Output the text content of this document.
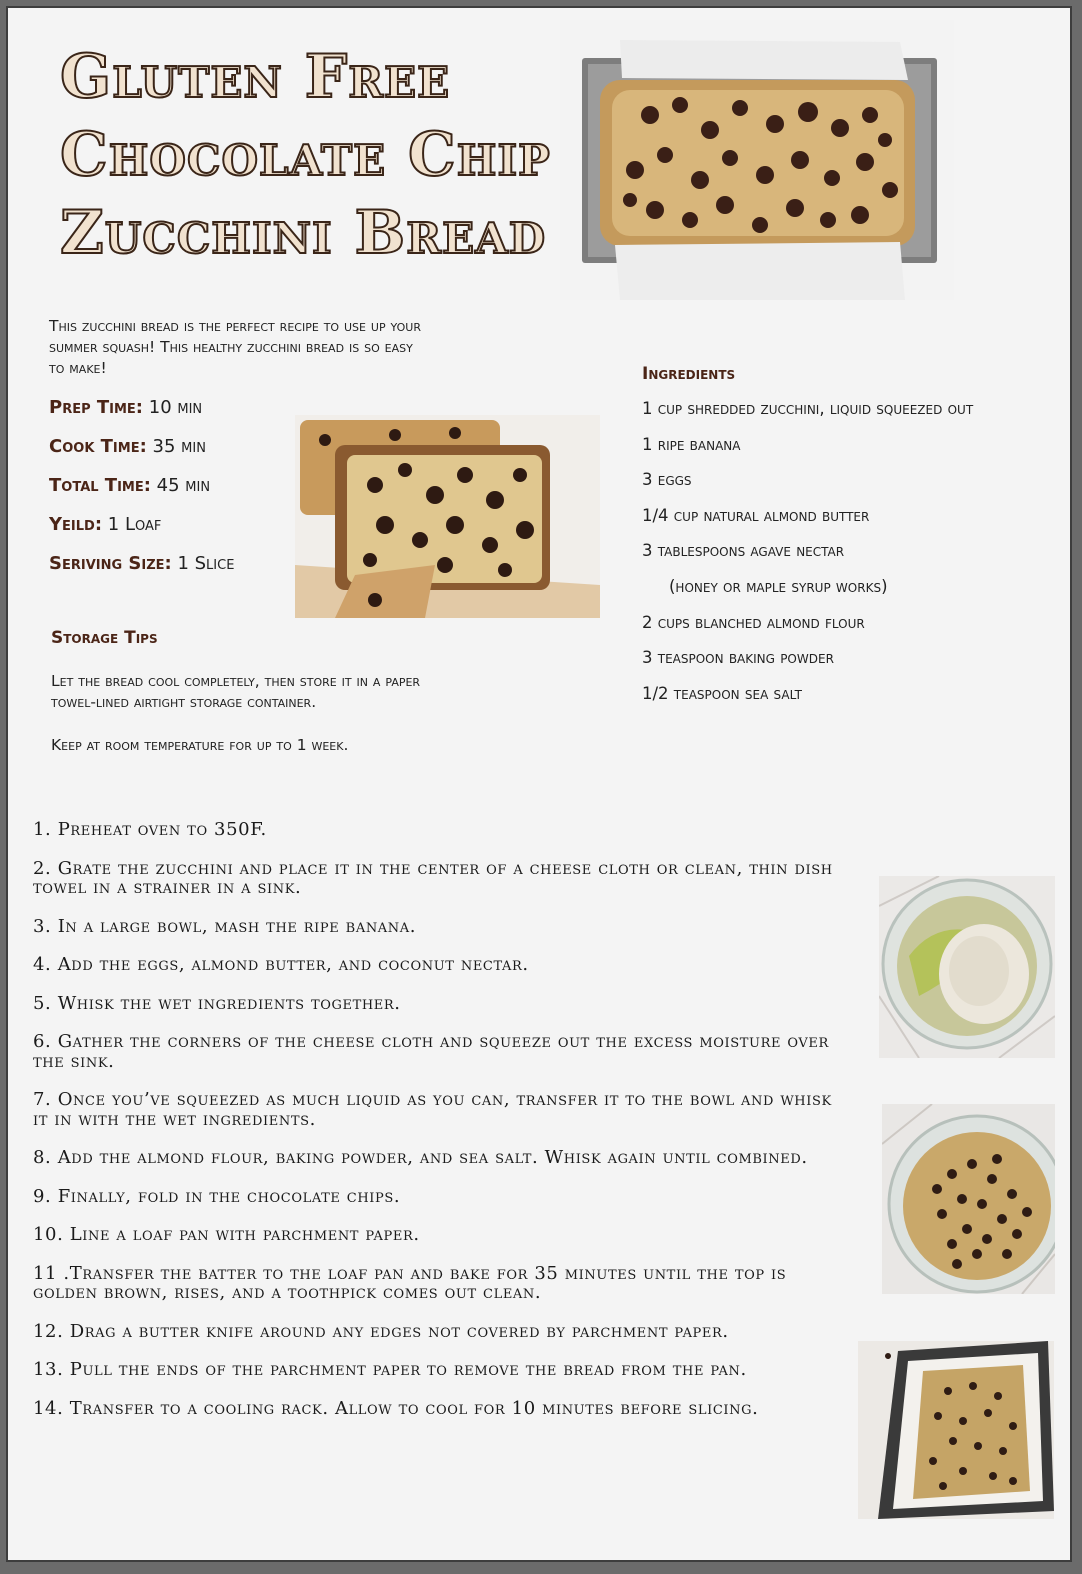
Gluten Free
Chocolate Chip
Zucchini Bread
This zucchini bread is the perfect recipe to use up your summer squash! This healthy zucchini bread is so easy to make!
Prep Time: 10 min
Cook Time: 35 min
Total Time: 45 min
Yeild: 1 Loaf
Seriving Size: 1 Slice
Storage Tips

Let the bread cool completely, then store it in a paper towel-lined airtight storage container.

Keep at room temperature for up to 1 week.

Ingredients
1 cup shredded zucchini, liquid squeezed out
1 ripe banana
3 eggs
1/4 cup natural almond butter
3 tablespoons agave nectar
(honey or maple syrup works)
2 cups blanched almond flour
3 teaspoon baking powder
1/2 teaspoon sea salt
1. Preheat oven to 350F.
2. Grate the zucchini and place it in the center of a cheese cloth or clean, thin dish towel in a strainer in a sink.
3. In a large bowl, mash the ripe banana.
4. Add the eggs, almond butter, and coconut nectar.
5. Whisk the wet ingredients together.
6. Gather the corners of the cheese cloth and squeeze out the excess moisture over the sink.
7. Once you’ve squeezed as much liquid as you can, transfer it to the bowl and whisk it in with the wet ingredients.
8. Add the almond flour, baking powder, and sea salt. Whisk again until combined.
9. Finally, fold in the chocolate chips.
10. Line a loaf pan with parchment paper.
11 .Transfer the batter to the loaf pan and bake for 35 minutes until the top is golden brown, rises, and a toothpick comes out clean.
12. Drag a butter knife around any edges not covered by parchment paper.
13. Pull the ends of the parchment paper to remove the bread from the pan.
14. Transfer to a cooling rack. Allow to cool for 10 minutes before slicing.
